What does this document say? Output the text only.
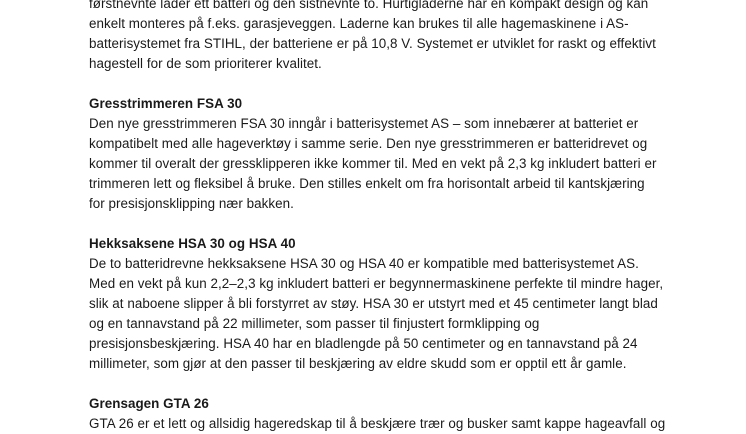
førstnevnte lader ett batteri og den sistnevnte to. Hurtigladerne har en kompakt design og kan
enkelt monteres på f.eks. garasjeveggen. Laderne kan brukes til alle hagemaskinene i AS-
batterisystemet fra STIHL, der batteriene er på 10,8 V. Systemet er utviklet for raskt og effektivt
hagestell for de som prioriterer kvalitet.
Gresstrimmeren FSA 30
Den nye gresstrimmeren FSA 30 inngår i batterisystemet AS – som innebærer at batteriet er
kompatibelt med alle hageverktøy i samme serie. Den nye gresstrimmeren er batteridrevet og
kommer til overalt der gressklipperen ikke kommer til. Med en vekt på 2,3 kg inkludert batteri er
trimmeren lett og fleksibel å bruke. Den stilles enkelt om fra horisontalt arbeid til kantskjæring
for presisjonsklipping nær bakken.
Hekksaksene HSA 30 og HSA 40
De to batteridrevne hekksaksene HSA 30 og HSA 40 er kompatible med batterisystemet AS.
Med en vekt på kun 2,2–2,3 kg inkludert batteri er begynnermaskinene perfekte til mindre hager,
slik at naboene slipper å bli forstyrret av støy. HSA 30 er utstyrt med et 45 centimeter langt blad
og en tannavstand på 22 millimeter, som passer til finjustert formklipping og
presisjonsbeskjæring. HSA 40 har en bladlengde på 50 centimeter og en tannavstand på 24
millimeter, som gjør at den passer til beskjæring av eldre skudd som er opptil ett år gamle.
Grensagen GTA 26
GTA 26 er et lett og allsidig hageredskap til å beskjære trær og busker samt kappe hageavfall og
